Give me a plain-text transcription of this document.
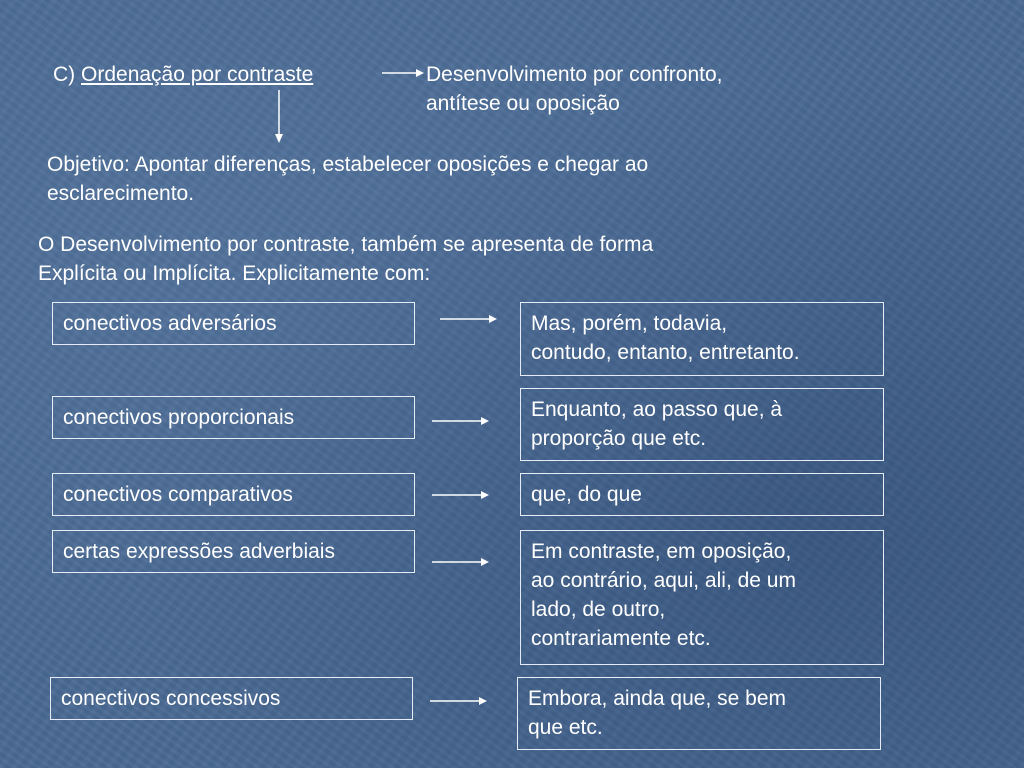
C) Ordenação por contraste	Desenvolvimento por confronto,
antítese ou oposição
Objetivo: Apontar diferenças, estabelecer oposições e chegar ao
esclarecimento.
O Desenvolvimento por contraste, também se apresenta de forma
Explícita ou Implícita. Explicitamente com:
conectivos adversários	Mas, porém, todavia,
contudo, entanto, entretanto.
conectivos proporcionais	Enquanto, ao passo que, à
proporção que etc.
conectivos comparativos	que, do que
certas expressões adverbiais	Em contraste, em oposição,
ao contrário, aqui, ali, de um
lado, de outro,
contrariamente etc.
conectivos concessivos	Embora, ainda que, se bem
que etc.
